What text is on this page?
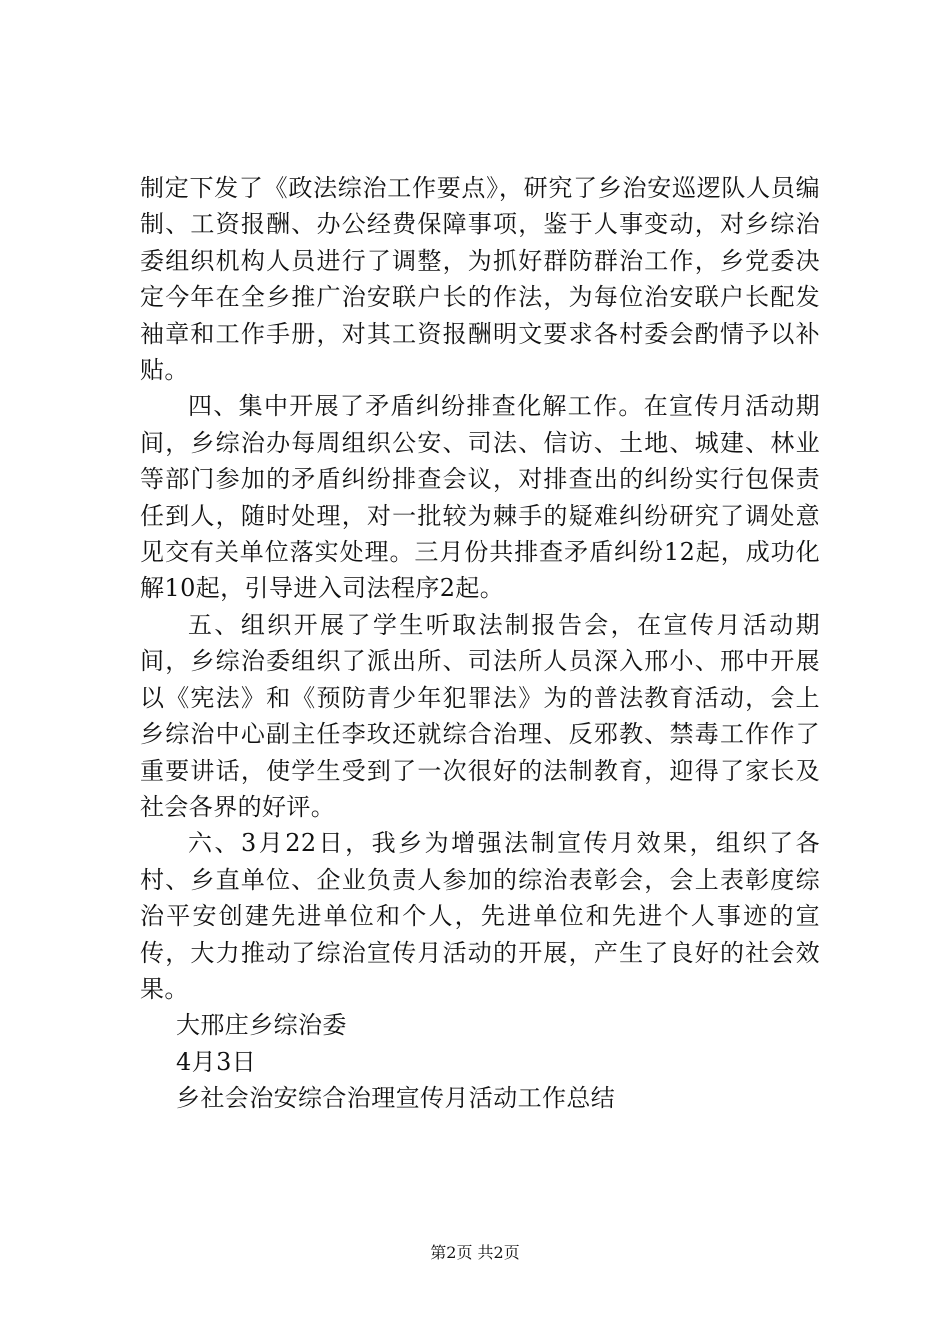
制定下发了《政法综治工作要点》，研究了乡治安巡逻队人员编制、工资报酬、办公经费保障事项，鉴于人事变动，对乡综治委组织机构人员进行了调整，为抓好群防群治工作，乡党委决定今年在全乡推广治安联户长的作法，为每位治安联户长配发袖章和工作手册，对其工资报酬明文要求各村委会酌情予以补贴。

四、集中开展了矛盾纠纷排查化解工作。在宣传月活动期间，乡综治办每周组织公安、司法、信访、土地、城建、林业等部门参加的矛盾纠纷排查会议，对排查出的纠纷实行包保责任到人，随时处理，对一批较为棘手的疑难纠纷研究了调处意见交有关单位落实处理。三月份共排查矛盾纠纷12起，成功化解10起，引导进入司法程序2起。

五、组织开展了学生听取法制报告会，在宣传月活动期间，乡综治委组织了派出所、司法所人员深入邢小、邢中开展以《宪法》和《预防青少年犯罪法》为的普法教育活动，会上乡综治中心副主任李玫还就综合治理、反邪教、禁毒工作作了重要讲话，使学生受到了一次很好的法制教育，迎得了家长及社会各界的好评。

六、3月22日，我乡为增强法制宣传月效果，组织了各村、乡直单位、企业负责人参加的综治表彰会，会上表彰度综治平安创建先进单位和个人，先进单位和先进个人事迹的宣传，大力推动了综治宣传月活动的开展，产生了良好的社会效果。

大邢庄乡综治委

4月3日

乡社会治安综合治理宣传月活动工作总结

第2页 共2页
